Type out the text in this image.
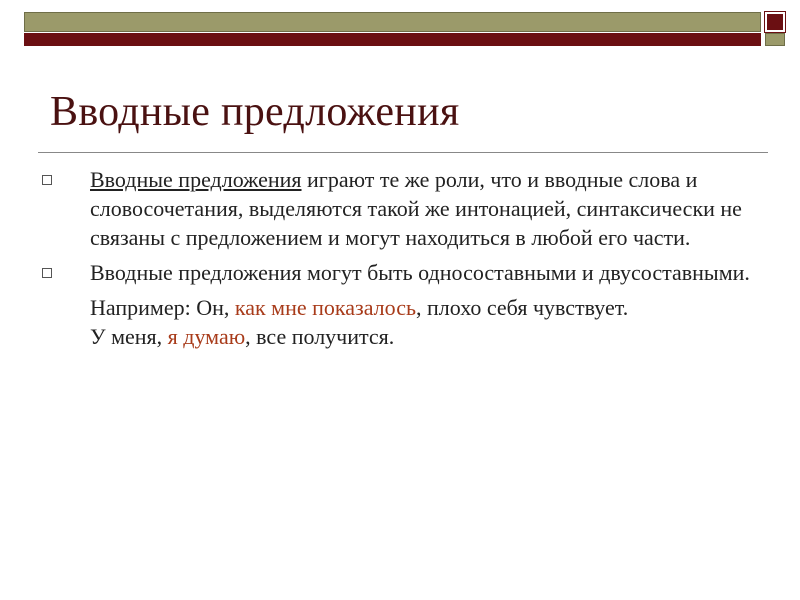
Вводные предложения
Вводные предложения играют те же роли, что и вводные слова и словосочетания, выделяются такой же интонацией, синтаксически не связаны с предложением и могут находиться в любой его части.
Вводные предложения могут быть односоставными и двусоставными.
Например: Он, как мне показалось, плохо себя чувствует.
У меня, я думаю, все получится.
